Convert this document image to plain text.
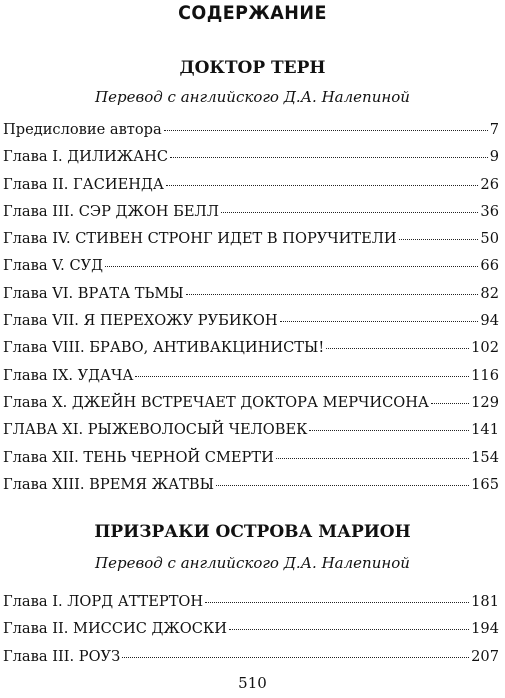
СОДЕРЖАНИЕ
ДОКТОР ТЕРН
Перевод с английского Д.А. Налепиной
Предисловие автора	7
Глава I. ДИЛИЖАНС	9
Глава II. ГАСИЕНДА	26
Глава III. СЭР ДЖОН БЕЛЛ	36
Глава IV. СТИВЕН СТРОНГ ИДЕТ В ПОРУЧИТЕЛИ	50
Глава V. СУД	66
Глава VI. ВРАТА ТЬМЫ	82
Глава VII. Я ПЕРЕХОЖУ РУБИКОН	94
Глава VIII. БРАВО, АНТИВАКЦИНИСТЫ!	102
Глава IX. УДАЧА	116
Глава X. ДЖЕЙН ВСТРЕЧАЕТ ДОКТОРА МЕРЧИСОНА	129
ГЛАВА XI. РЫЖЕВОЛОСЫЙ ЧЕЛОВЕК	141
Глава XII. ТЕНЬ ЧЕРНОЙ СМЕРТИ	154
Глава XIII. ВРЕМЯ ЖАТВЫ	165
ПРИЗРАКИ ОСТРОВА МАРИОН
Перевод с английского Д.А. Налепиной
Глава I. ЛОРД АТТЕРТОН	181
Глава II. МИССИС ДЖОСКИ	194
Глава III. РОУЗ	207
510
